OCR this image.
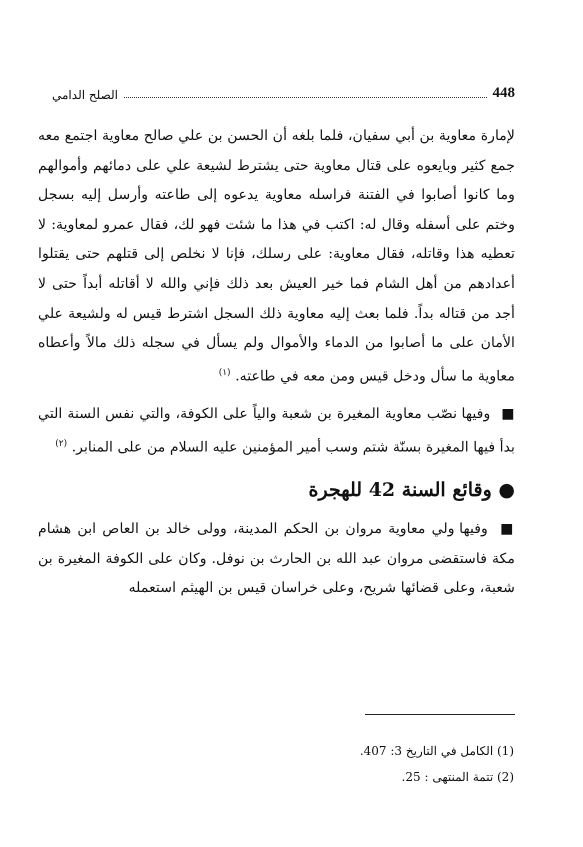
448
الصلح الدامي

لإمارة معاوية بن أبي سفيان، فلما بلغه أن الحسن بن علي صالح معاوية اجتمع معه جمع كثير وبايعوه على قتال معاوية حتى يشترط لشيعة علي على دمائهم وأموالهم وما كانوا أصابوا في الفتنة فراسله معاوية يدعوه إلى طاعته وأرسل إليه بسجل وختم على أسفله وقال له: اكتب في هذا ما شئت فهو لك، فقال عمرو لمعاوية: لا تعطيه هذا وقاتله، فقال معاوية: على رسلك، فإنا لا نخلص إلى قتلهم حتى يقتلوا أعدادهم من أهل الشام فما خير العيش بعد ذلك فإني والله لا أقاتله أبداً حتى لا أجد من قتاله بداً. فلما بعث إليه معاوية ذلك السجل اشترط قيس له ولشيعة علي الأمان على ما أصابوا من الدماء والأموال ولم يسأل في سجله ذلك مالاً وأعطاه معاوية ما سأل ودخل قيس ومن معه في طاعته. $^{(١)}$

■ وفيها نصّب معاوية المغيرة بن شعبة والياً على الكوفة، والتي نفس السنة التي بدأ فيها المغيرة بسنّة شتم وسب أمير المؤمنين عليه السلام من على المنابر. $^{(٢)}$

● وقائع السنة 42 للهجرة

■ وفيها ولي معاوية مروان بن الحكم المدينة، وولى خالد بن العاص ابن هشام مكة فاستقضى مروان عبد الله بن الحارث بن نوفل. وكان على الكوفة المغيرة بن شعبة، وعلى قضائها شريح، وعلى خراسان قيس بن الهيثم استعمله

(1) الكامل في التاريخ 3: 407.
(2) تتمة المنتهى : 25.
